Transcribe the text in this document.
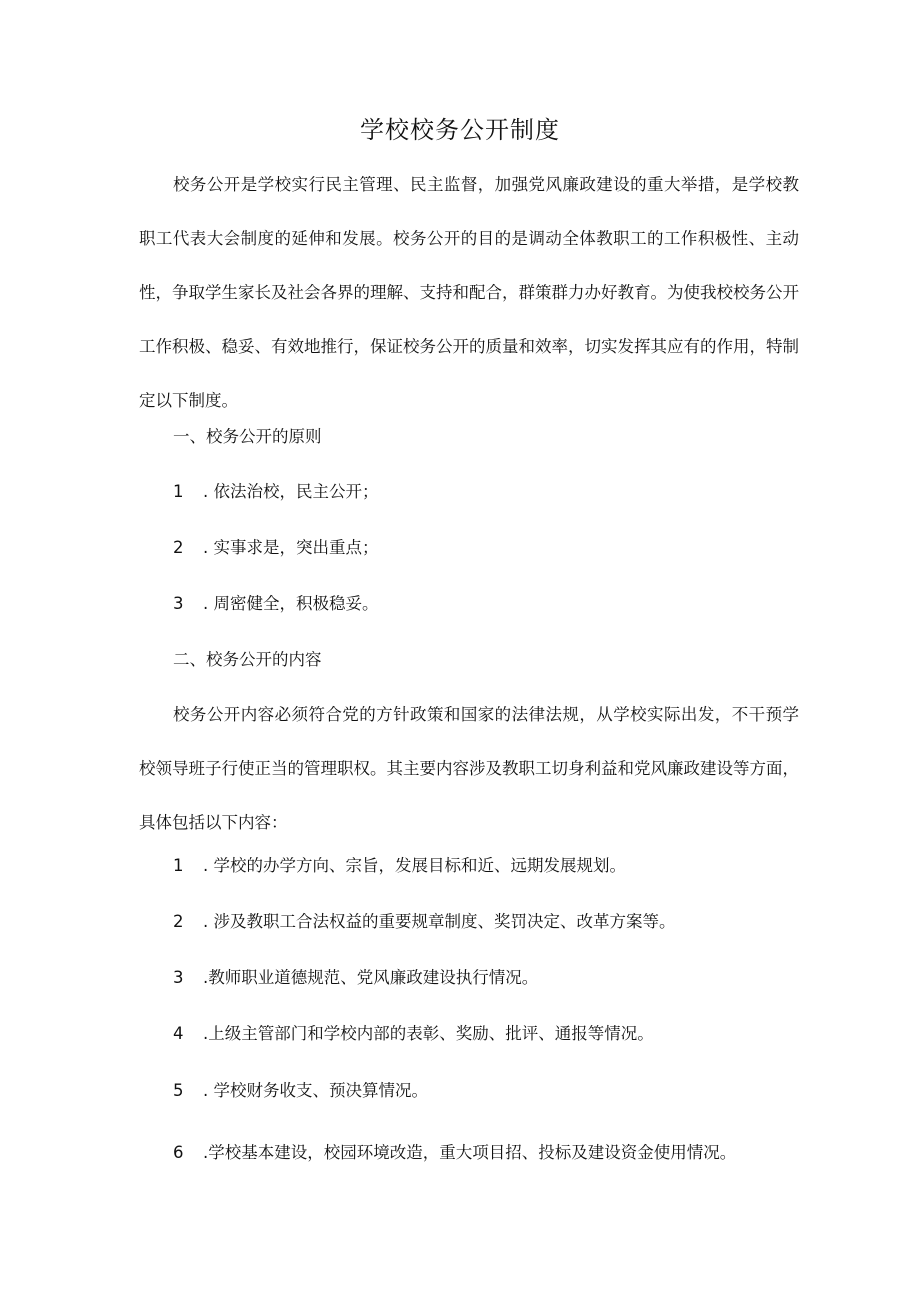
学校校务公开制度

校务公开是学校实行民主管理、民主监督，加强党风廉政建设的重大举措，是学校教职工代表大会制度的延伸和发展。校务公开的目的是调动全体教职工的工作积极性、主动性，争取学生家长及社会各界的理解、支持和配合，群策群力办好教育。为使我校校务公开工作积极、稳妥、有效地推行，保证校务公开的质量和效率，切实发挥其应有的作用，特制定以下制度。

一、校务公开的原则
1 . 依法治校，民主公开；
2 . 实事求是，突出重点；
3 . 周密健全，积极稳妥。
二、校务公开的内容

校务公开内容必须符合党的方针政策和国家的法律法规，从学校实际出发，不干预学校领导班子行使正当的管理职权。其主要内容涉及教职工切身利益和党风廉政建设等方面，具体包括以下内容：

1 . 学校的办学方向、宗旨，发展目标和近、远期发展规划。
2 . 涉及教职工合法权益的重要规章制度、奖罚决定、改革方案等。
3 .教师职业道德规范、党风廉政建设执行情况。
4 .上级主管部门和学校内部的表彰、奖励、批评、通报等情况。
5 . 学校财务收支、预决算情况。
6 .学校基本建设，校园环境改造，重大项目招、投标及建设资金使用情况。
